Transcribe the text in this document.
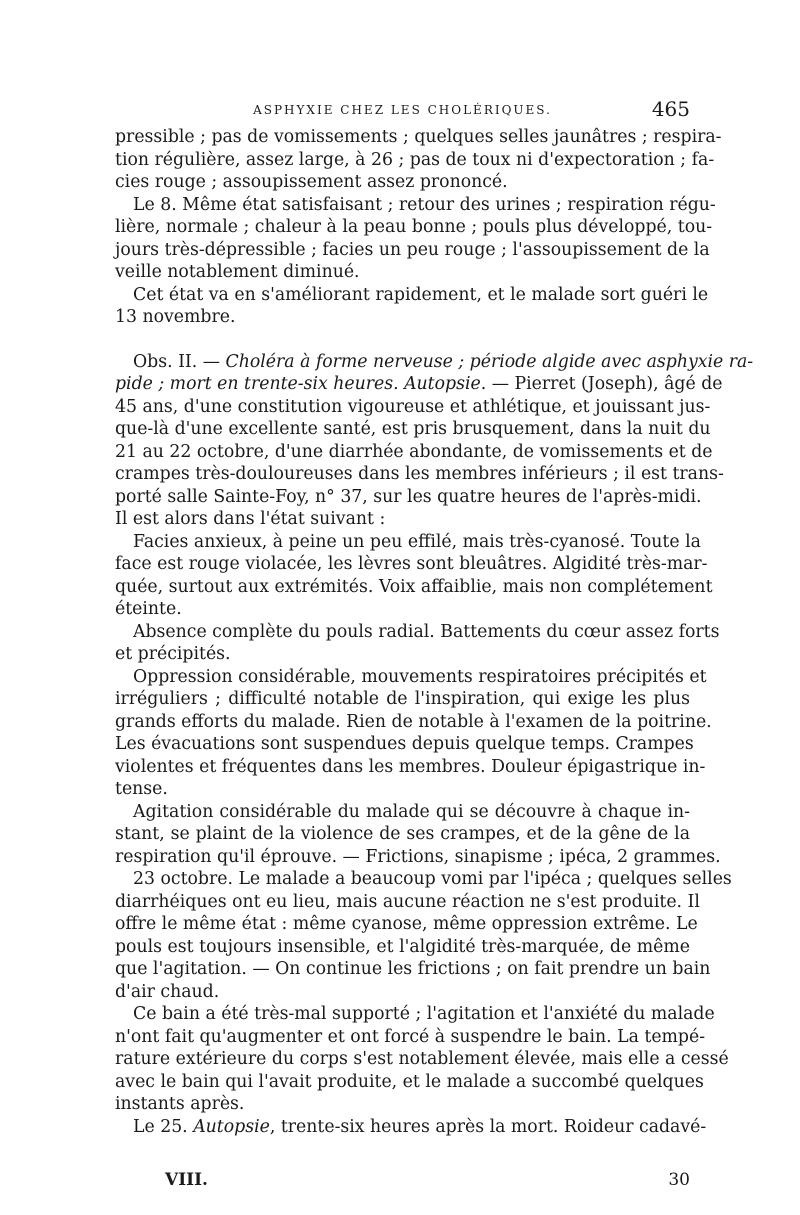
ASPHYXIE CHEZ LES CHOLÉRIQUES.	465
pressible ; pas de vomissements ; quelques selles jaunâtres ; respira-
tion régulière, assez large, à 26 ; pas de toux ni d'expectoration ; fa-
cies rouge ; assoupissement assez prononcé.
Le 8. Même état satisfaisant ; retour des urines ; respiration régu-
lière, normale ; chaleur à la peau bonne ; pouls plus développé, tou-
jours très-dépressible ; facies un peu rouge ; l'assoupissement de la
veille notablement diminué.
Cet état va en s'améliorant rapidement, et le malade sort guéri le
13 novembre.
Obs. II. — Choléra à forme nerveuse ; période algide avec asphyxie ra-
pide ; mort en trente-six heures. Autopsie. — Pierret (Joseph), âgé de
45 ans, d'une constitution vigoureuse et athlétique, et jouissant jus-
que-là d'une excellente santé, est pris brusquement, dans la nuit du
21 au 22 octobre, d'une diarrhée abondante, de vomissements et de
crampes très-douloureuses dans les membres inférieurs ; il est trans-
porté salle Sainte-Foy, n° 37, sur les quatre heures de l'après-midi.
Il est alors dans l'état suivant :
Facies anxieux, à peine un peu effilé, mais très-cyanosé. Toute la
face est rouge violacée, les lèvres sont bleuâtres. Algidité très-mar-
quée, surtout aux extrémités. Voix affaiblie, mais non complétement
éteinte.
Absence complète du pouls radial. Battements du cœur assez forts
et précipités.
Oppression considérable, mouvements respiratoires précipités et
irréguliers ; difficulté notable de l'inspiration, qui exige les plus
grands efforts du malade. Rien de notable à l'examen de la poitrine.
Les évacuations sont suspendues depuis quelque temps. Crampes
violentes et fréquentes dans les membres. Douleur épigastrique in-
tense.
Agitation considérable du malade qui se découvre à chaque in-
stant, se plaint de la violence de ses crampes, et de la gêne de la
respiration qu'il éprouve. — Frictions, sinapisme ; ipéca, 2 grammes.
23 octobre. Le malade a beaucoup vomi par l'ipéca ; quelques selles
diarrhéiques ont eu lieu, mais aucune réaction ne s'est produite. Il
offre le même état : même cyanose, même oppression extrême. Le
pouls est toujours insensible, et l'algidité très-marquée, de même
que l'agitation. — On continue les frictions ; on fait prendre un bain
d'air chaud.
Ce bain a été très-mal supporté ; l'agitation et l'anxiété du malade
n'ont fait qu'augmenter et ont forcé à suspendre le bain. La tempé-
rature extérieure du corps s'est notablement élevée, mais elle a cessé
avec le bain qui l'avait produite, et le malade a succombé quelques
instants après.
Le 25. Autopsie, trente-six heures après la mort. Roideur cadavé-
VIII.	30
